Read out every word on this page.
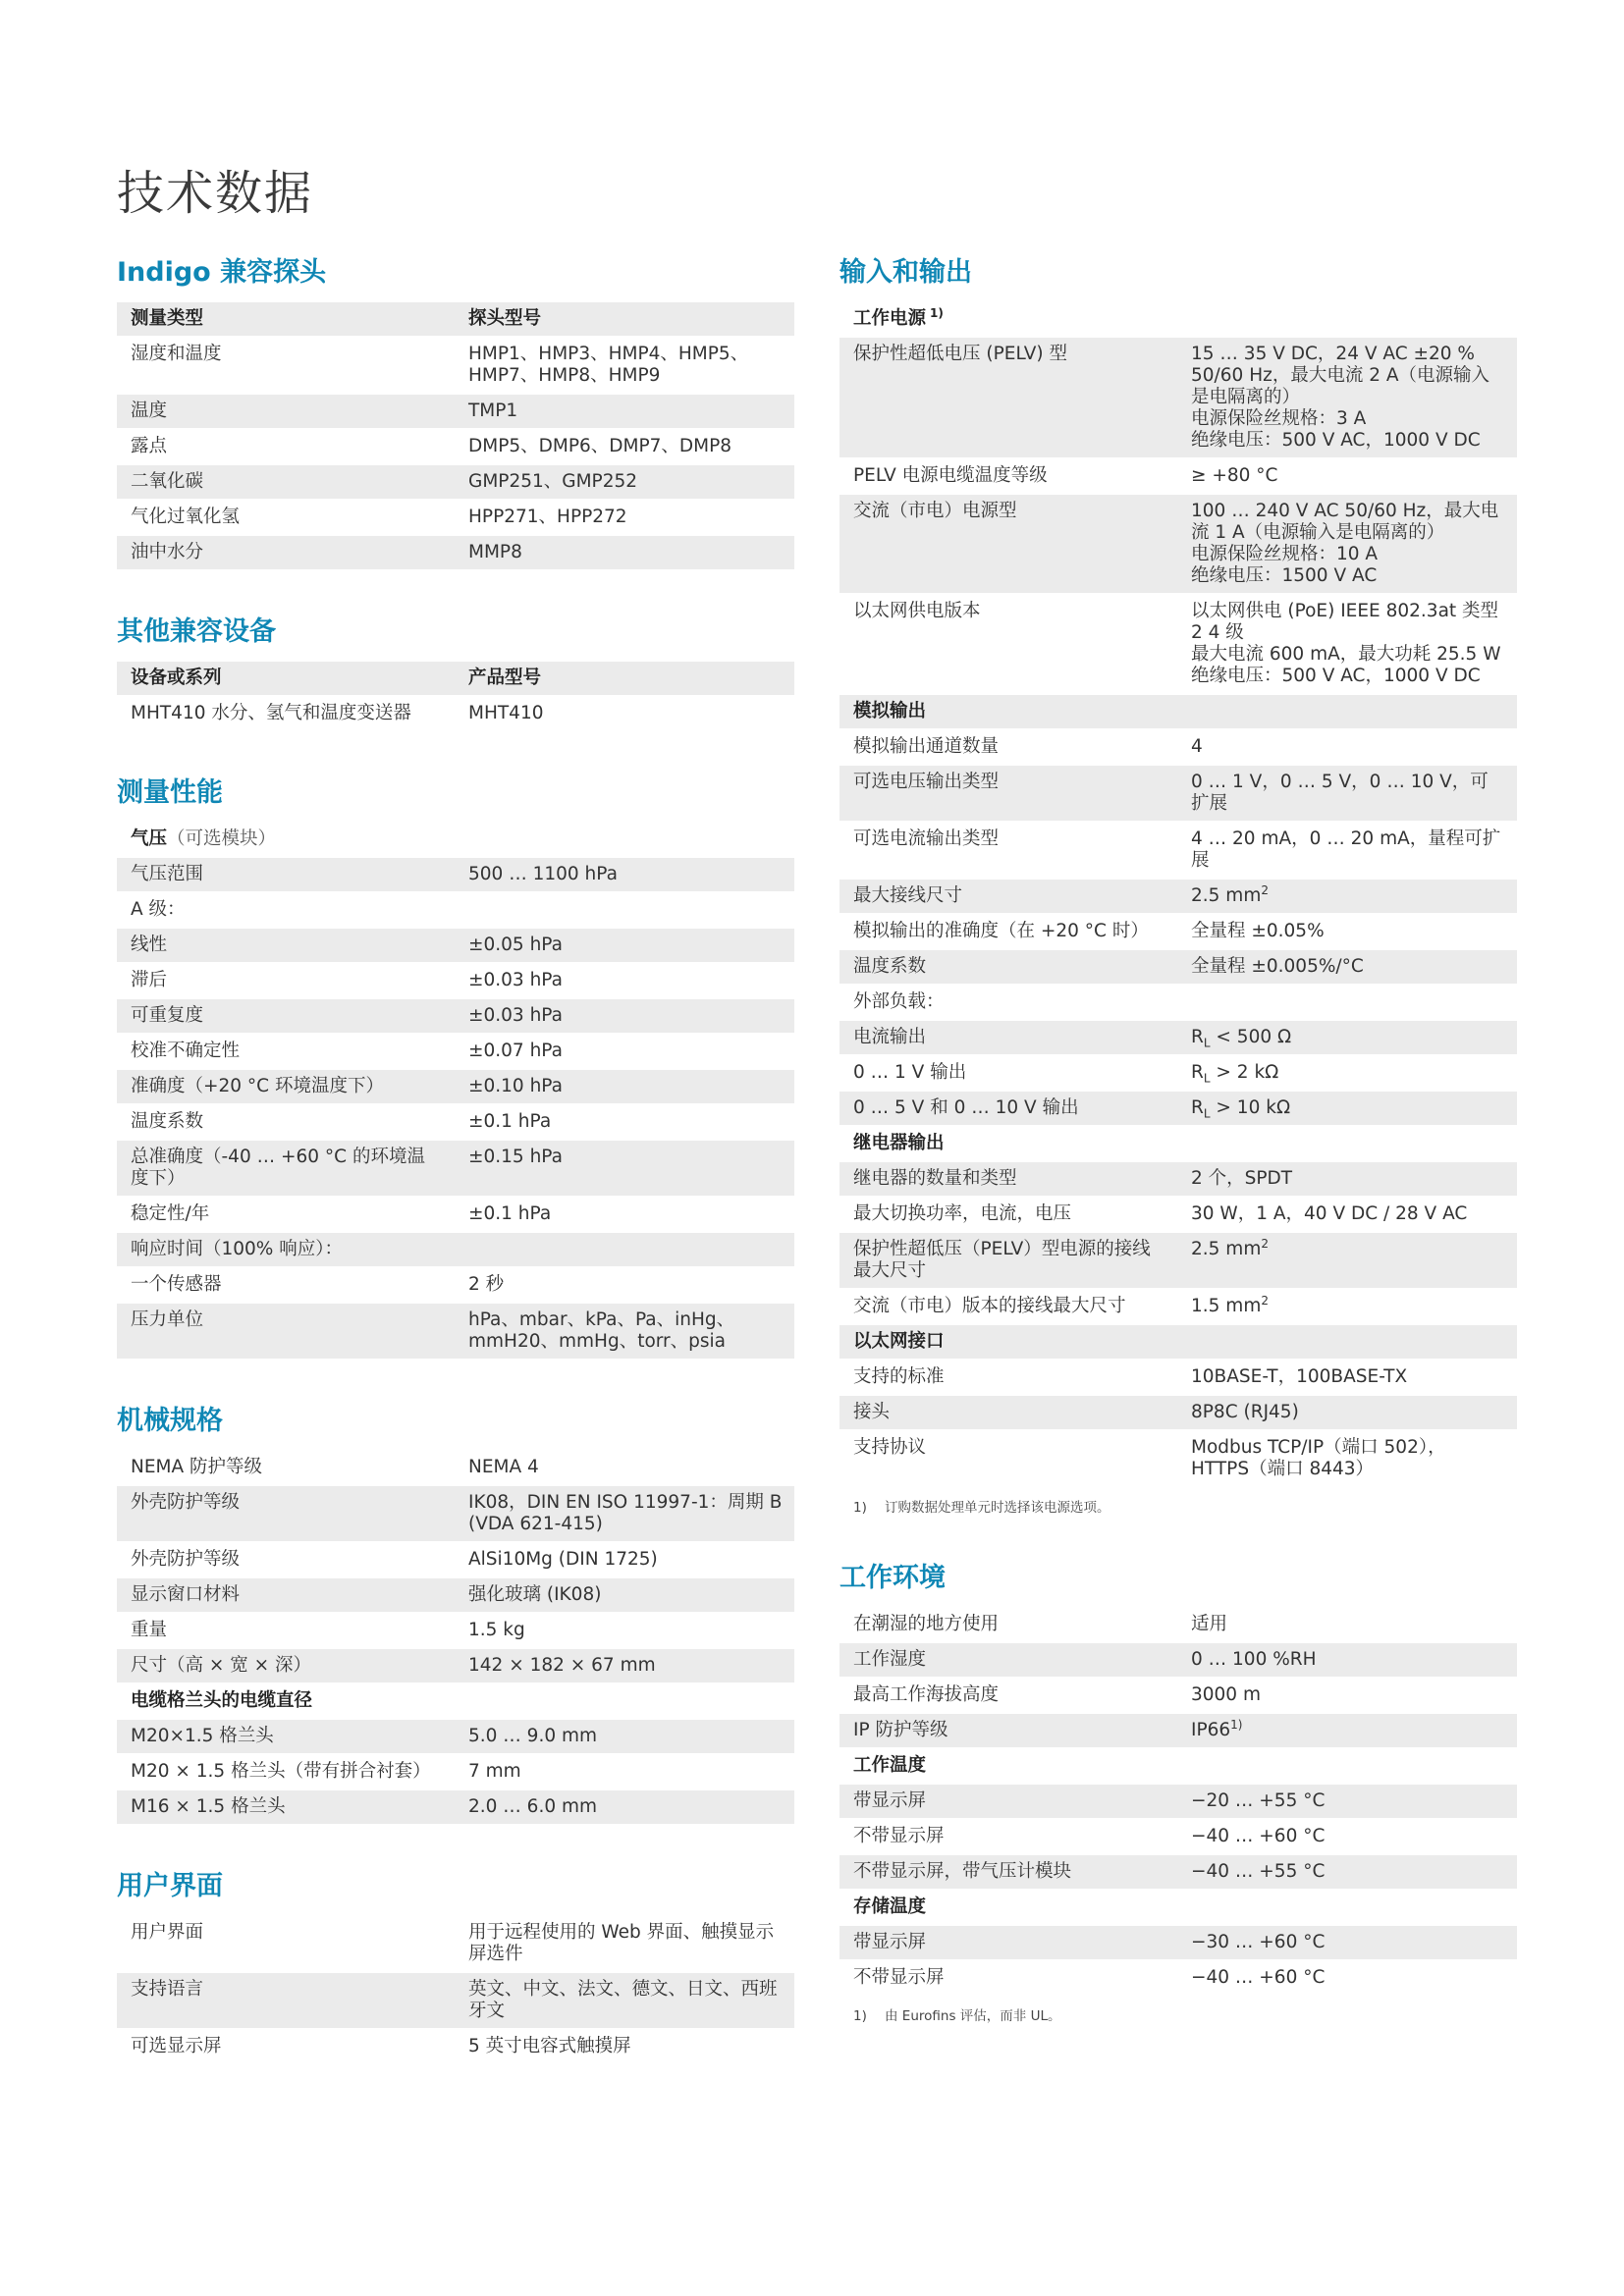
技术数据
Indigo 兼容探头
测量类型	探头型号
湿度和温度	HMP1、HMP3、HMP4、HMP5、
HMP7、HMP8、HMP9
温度	TMP1
露点	DMP5、DMP6、DMP7、DMP8
二氧化碳	GMP251、GMP252
气化过氧化氢	HPP271、HPP272
油中水分	MMP8
其他兼容设备
设备或系列	产品型号
MHT410 水分、氢气和温度变送器	MHT410
测量性能
气压（可选模块）	
气压范围	500 … 1100 hPa
A 级：	
线性	±0.05 hPa
滞后	±0.03 hPa
可重复度	±0.03 hPa
校准不确定性	±0.07 hPa
准确度（+20 °C 环境温度下）	±0.10 hPa
温度系数	±0.1 hPa
总准确度（-40 … +60 °C 的环境温度下）	±0.15 hPa
稳定性/年	±0.1 hPa
响应时间（100% 响应）：	
一个传感器	2 秒
压力单位	hPa、mbar、kPa、Pa、inHg、
mmH20、mmHg、torr、psia
机械规格
NEMA 防护等级	NEMA 4
外壳防护等级	IK08，DIN EN ISO 11997-1：周期 B (VDA 621-415)
外壳防护等级	AlSi10Mg (DIN 1725)
显示窗口材料	强化玻璃 (IK08)
重量	1.5 kg
尺寸（高 × 宽 × 深）	142 × 182 × 67 mm
电缆格兰头的电缆直径	
M20×1.5 格兰头	5.0 … 9.0 mm
M20 × 1.5 格兰头（带有拼合衬套）	7 mm
M16 × 1.5 格兰头	2.0 … 6.0 mm
用户界面
用户界面	用于远程使用的 Web 界面、触摸显示屏选件
支持语言	英文、中文、法文、德文、日文、西班牙文
可选显示屏	5 英寸电容式触摸屏
输入和输出
工作电源 $^{1)}$
保护性超低电压 (PELV) 型	15 … 35 V DC，24 V AC ±20 %
50/60 Hz，最大电流 2 A（电源输入是电隔离的）
电源保险丝规格：3 A
绝缘电压：500 V AC，1000 V DC
PELV 电源电缆温度等级	≥ +80 °C
交流（市电）电源型	100 … 240 V AC 50/60 Hz，最大电流 1 A（电源输入是电隔离的）
电源保险丝规格：10 A
绝缘电压：1500 V AC
以太网供电版本	以太网供电 (PoE) IEEE 802.3at 类型 2 4 级
最大电流 600 mA，最大功耗 25.5 W
绝缘电压：500 V AC，1000 V DC
模拟输出	
模拟输出通道数量	4
可选电压输出类型	0 … 1 V，0 … 5 V，0 … 10 V，可扩展
可选电流输出类型	4 … 20 mA，0 … 20 mA，量程可扩展
最大接线尺寸	2.5 $mm^2$
模拟输出的准确度（在 +20 °C 时）	全量程 ±0.05%
温度系数	全量程 ±0.005%/°C
外部负载：	
电流输出	$R_L < 500$ Ω
0 … 1 V 输出	$R_L > 2$ kΩ
0 … 5 V 和 0 … 10 V 输出	$R_L > 10$ kΩ
继电器输出	
继电器的数量和类型	2 个，SPDT
最大切换功率，电流，电压	30 W，1 A，40 V DC / 28 V AC
保护性超低压（PELV）型电源的接线最大尺寸	2.5 $mm^2$
交流（市电）版本的接线最大尺寸	1.5 $mm^2$
以太网接口	
支持的标准	10BASE-T，100BASE-TX
接头	8P8C (RJ45)
支持协议	Modbus TCP/IP（端口 502），
HTTPS（端口 8443）
1) 订购数据处理单元时选择该电源选项。
工作环境
在潮湿的地方使用	适用
工作湿度	0 … 100 %RH
最高工作海拔高度	3000 m
IP 防护等级	IP66$^{1)}$
工作温度	
带显示屏	−20 … +55 °C
不带显示屏	−40 … +60 °C
不带显示屏，带气压计模块	−40 … +55 °C
存储温度	
带显示屏	−30 … +60 °C
不带显示屏	−40 … +60 °C
1) 由 Eurofins 评估，而非 UL。
